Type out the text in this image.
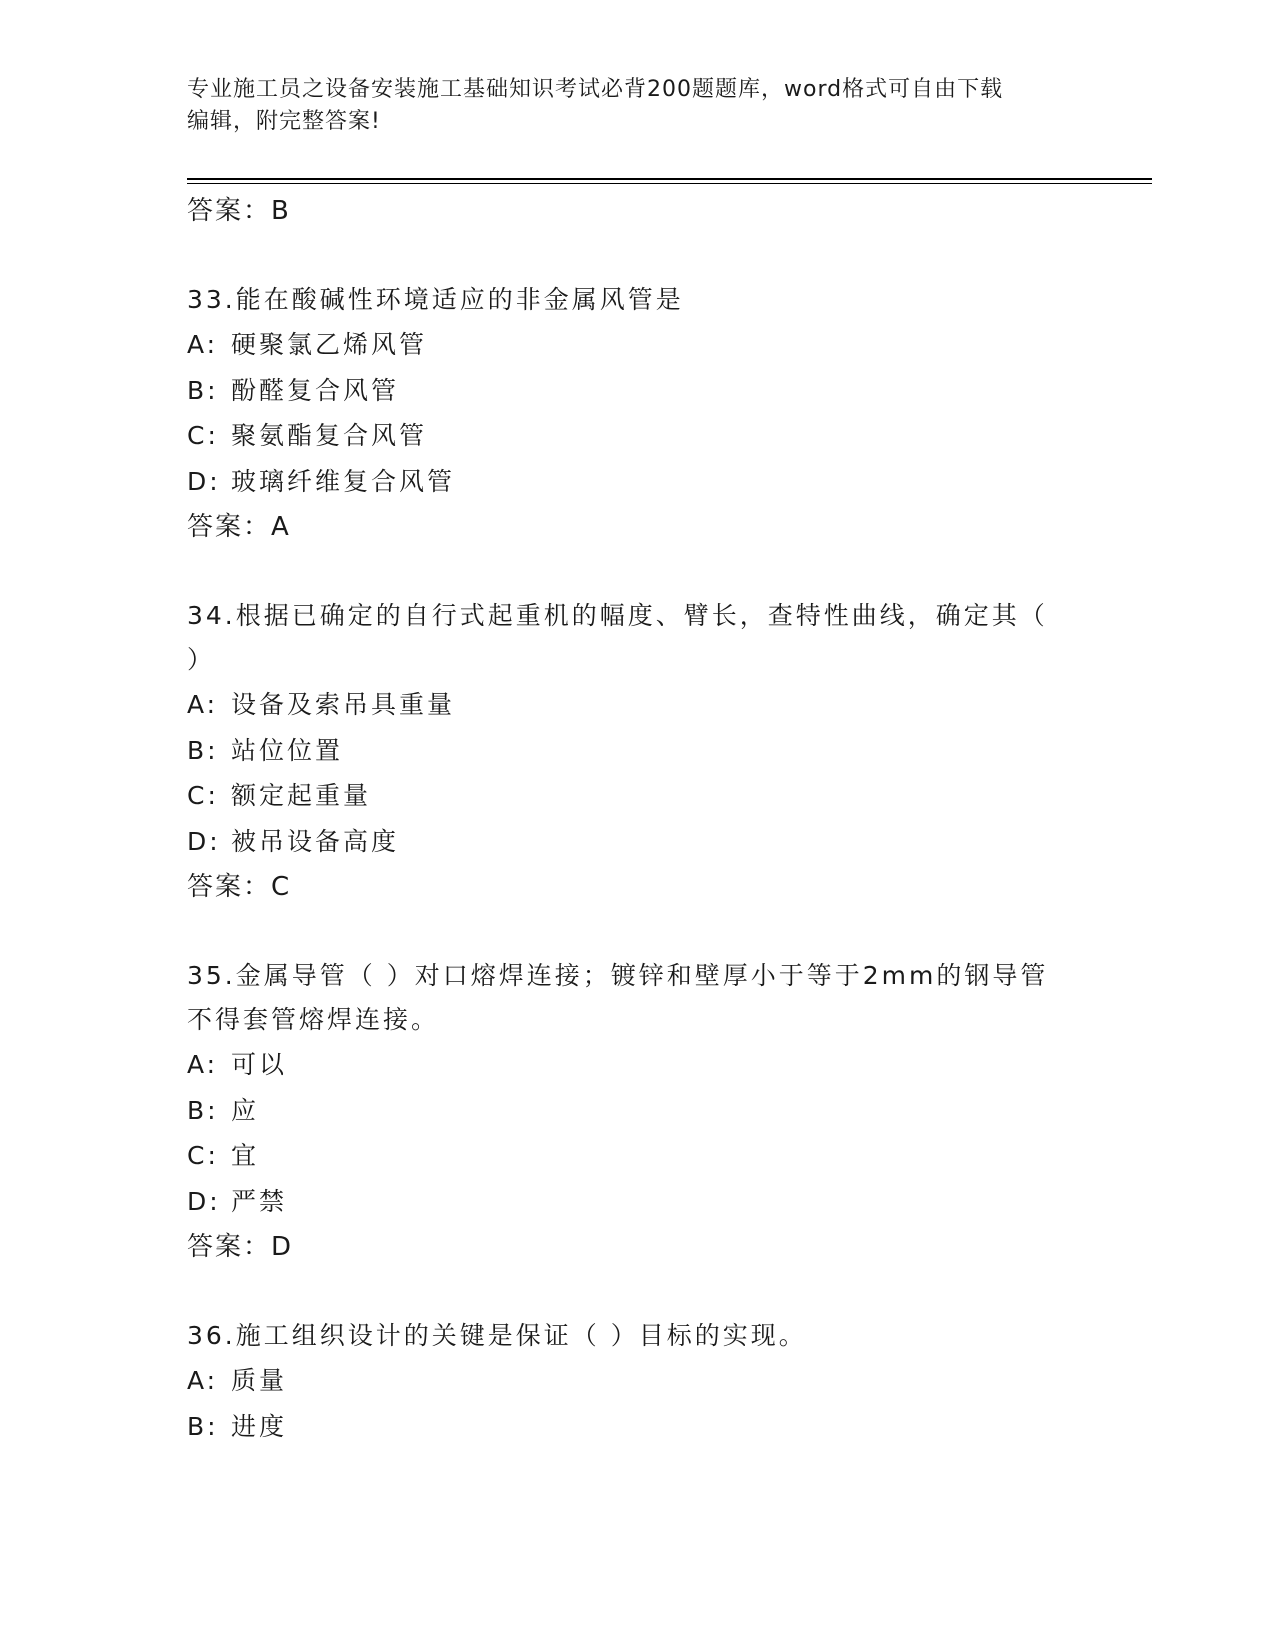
专业施工员之设备安装施工基础知识考试必背200题题库，word格式可自由下载
编辑，附完整答案!
答案：B
33.能在酸碱性环境适应的非金属风管是
A: 硬聚氯乙烯风管
B: 酚醛复合风管
C: 聚氨酯复合风管
D: 玻璃纤维复合风管
答案：A
34.根据已确定的自行式起重机的幅度、臂长，查特性曲线，确定其（
）
A: 设备及索吊具重量
B: 站位位置
C: 额定起重量
D: 被吊设备高度
答案：C
35.金属导管（ ）对口熔焊连接；镀锌和壁厚小于等于2mm的钢导管
不得套管熔焊连接。
A: 可以
B: 应
C: 宜
D: 严禁
答案：D
36.施工组织设计的关键是保证（ ）目标的实现。
A: 质量
B: 进度
